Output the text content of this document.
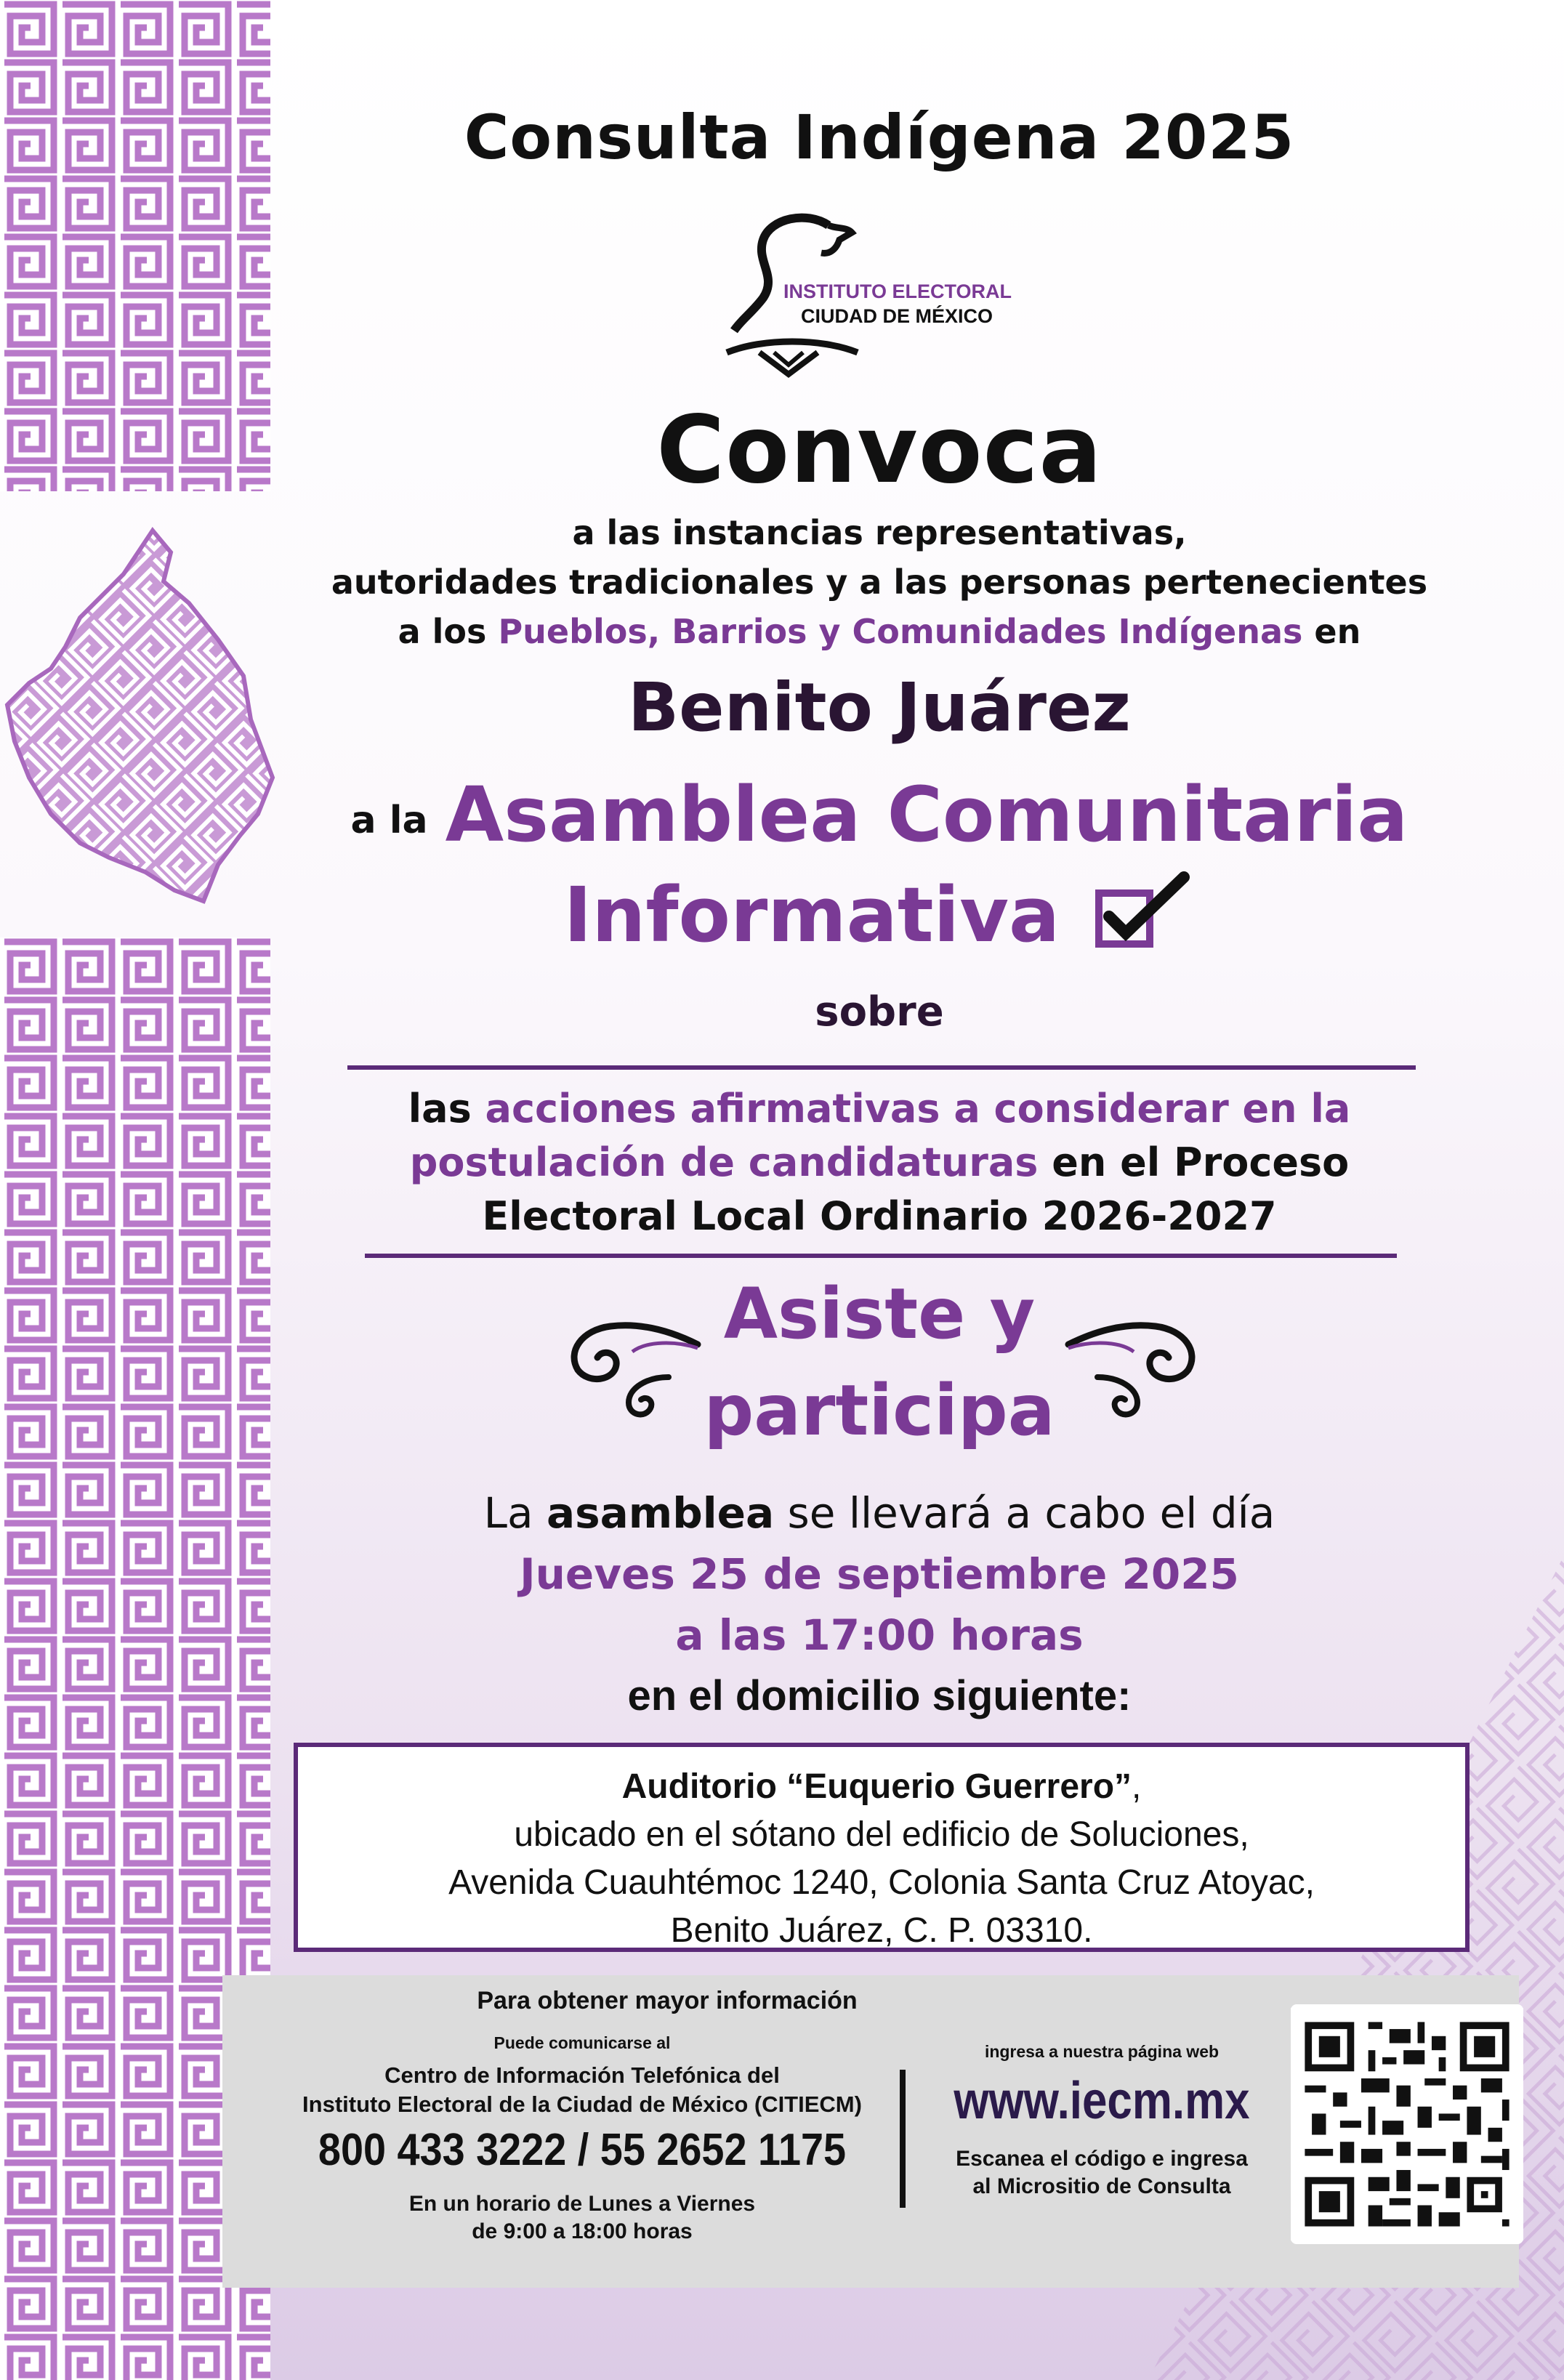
Consulta Indígena 2025
INSTITUTO ELECTORAL
CIUDAD DE MÉXICO
Convoca
a las instancias representativas,
autoridades tradicionales y a las personas pertenecientes
a los Pueblos, Barrios y Comunidades Indígenas en
Benito Juárez
a la Asamblea Comunitaria
Informativa
sobre
las acciones afirmativas a considerar en la
postulación de candidaturas en el Proceso
Electoral Local Ordinario 2026-2027
Asiste y
participa
La asamblea se llevará a cabo el día
Jueves 25 de septiembre 2025
a las 17:00 horas
en el domicilio siguiente:
Auditorio “Euquerio Guerrero”,
ubicado en el sótano del edificio de Soluciones,
Avenida Cuauhtémoc 1240, Colonia Santa Cruz Atoyac,
Benito Juárez, C. P. 03310.
Para obtener mayor información
Puede comunicarse al
Centro de Información Telefónica del
Instituto Electoral de la Ciudad de México (CITIECM)
800 433 3222 / 55 2652 1175
En un horario de Lunes a Viernes
de 9:00 a 18:00 horas
ingresa a nuestra página web
www.iecm.mx
Escanea el código e ingresa
al Micrositio de Consulta
